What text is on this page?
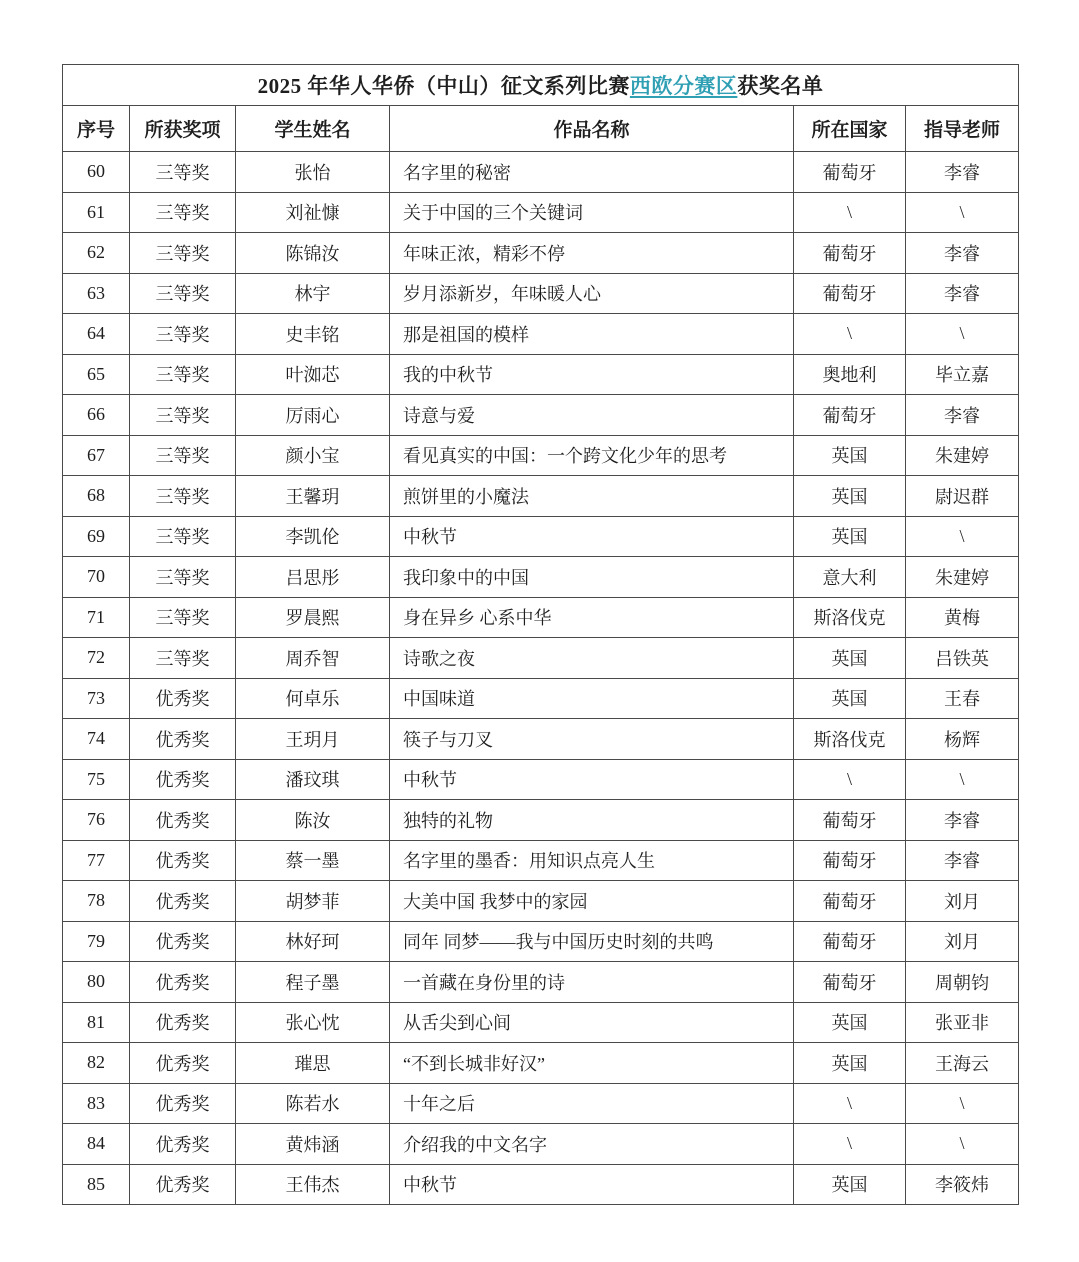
2025 年华人华侨（中山）征文系列比赛西欧分赛区获奖名单					
序号	所获奖项	学生姓名	作品名称	所在国家	指导老师
60	三等奖	张怡	名字里的秘密	葡萄牙	李睿
61	三等奖	刘祉慷	关于中国的三个关键词	\	\
62	三等奖	陈锦汝	年味正浓，精彩不停	葡萄牙	李睿
63	三等奖	林宇	岁月添新岁，年味暖人心	葡萄牙	李睿
64	三等奖	史丰铭	那是祖国的模样	\	\
65	三等奖	叶洳芯	我的中秋节	奥地利	毕立嘉
66	三等奖	厉雨心	诗意与爱	葡萄牙	李睿
67	三等奖	颜小宝	看见真实的中国：一个跨文化少年的思考	英国	朱建婷
68	三等奖	王馨玥	煎饼里的小魔法	英国	尉迟群
69	三等奖	李凯伦	中秋节	英国	\
70	三等奖	吕思彤	我印象中的中国	意大利	朱建婷
71	三等奖	罗晨熙	身在异乡 心系中华	斯洛伐克	黄梅
72	三等奖	周乔智	诗歌之夜	英国	吕铁英
73	优秀奖	何卓乐	中国味道	英国	王春
74	优秀奖	王玥月	筷子与刀叉	斯洛伐克	杨辉
75	优秀奖	潘玟琪	中秋节	\	\
76	优秀奖	陈汝	独特的礼物	葡萄牙	李睿
77	优秀奖	蔡一墨	名字里的墨香：用知识点亮人生	葡萄牙	李睿
78	优秀奖	胡梦菲	大美中国 我梦中的家园	葡萄牙	刘月
79	优秀奖	林好珂	同年 同梦——我与中国历史时刻的共鸣	葡萄牙	刘月
80	优秀奖	程子墨	一首藏在身份里的诗	葡萄牙	周朝钧
81	优秀奖	张心忱	从舌尖到心间	英国	张亚非
82	优秀奖	璀思	“不到长城非好汉”	英国	王海云
83	优秀奖	陈若水	十年之后	\	\
84	优秀奖	黄炜涵	介绍我的中文名字	\	\
85	优秀奖	王伟杰	中秋节	英国	李筱炜
